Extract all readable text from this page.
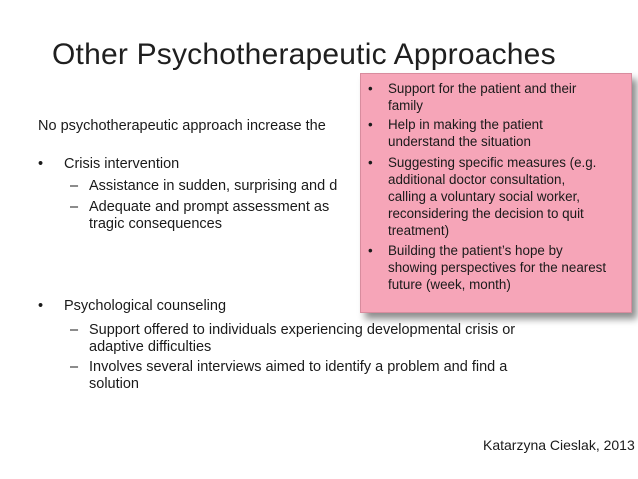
Other Psychotherapeutic Approaches
No psychotherapeutic approach increase the
• Crisis intervention
– Assistance in sudden, surprising and d
– Adequate and prompt assessment as
tragic consequences
• Psychological counseling
– Support offered to individuals experiencing developmental crisis or
adaptive difficulties
– Involves several interviews aimed to identify a problem and find a
solution
• Support for the patient and their
family
• Help in making the patient
understand the situation
• Suggesting specific measures (e.g.
additional doctor consultation,
calling a voluntary social worker,
reconsidering the decision to quit
treatment)
• Building the patient’s hope by
showing perspectives for the nearest
future (week, month)
Katarzyna Cieslak, 2013
